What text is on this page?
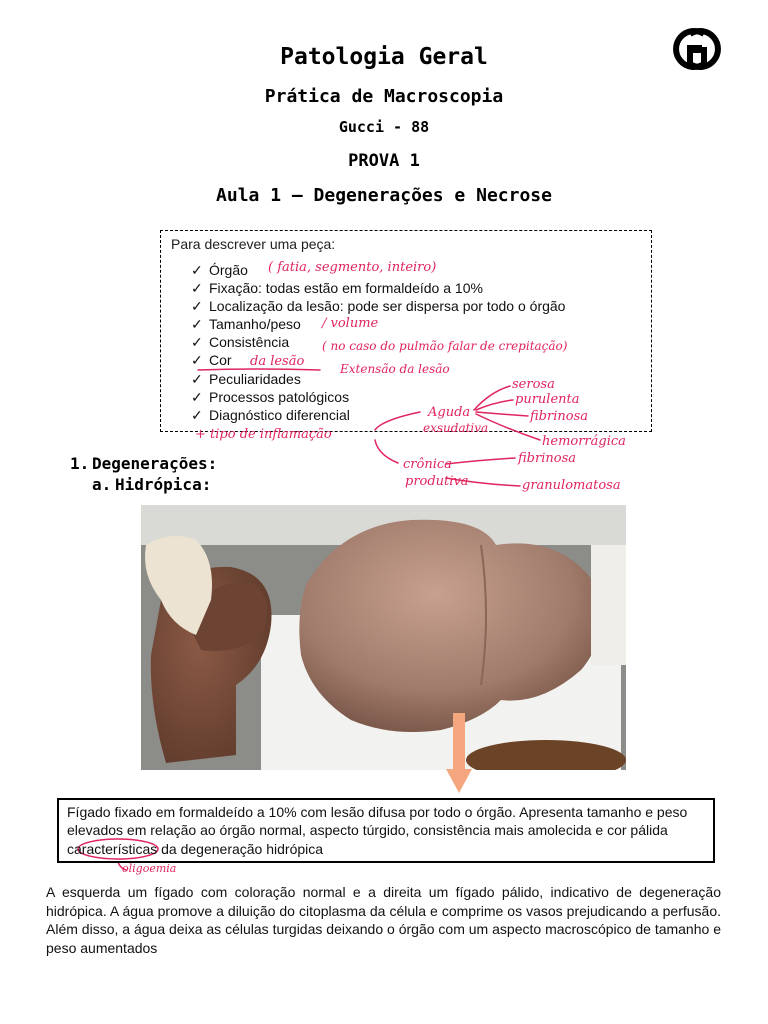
Patologia Geral
Prática de Macroscopia
Gucci - 88
PROVA 1
Aula 1 – Degenerações e Necrose
Para descrever uma peça:
✓ Órgão
✓ Fixação: todas estão em formaldeído a 10%
✓ Localização da lesão: pode ser dispersa por todo o órgão
✓ Tamanho/peso
✓ Consistência
✓ Cor
✓ Peculiaridades
✓ Processos patológicos
✓ Diagnóstico diferencial
( fatia, segmento, inteiro)
/ volume
( no caso do pulmão falar de crepitação)
da lesão	Extensão da lesão
+ tipo de inflamação
Aguda
exsudativa
serosa
purulenta
fibrinosa
hemorrágica
crônica
produtiva
fibrinosa
granulomatosa
oligoemia
1. Degenerações:
a. Hidrópica:
Fígado fixado em formaldeído a 10% com lesão difusa por todo o órgão. Apresenta tamanho e peso elevados em relação ao órgão normal, aspecto túrgido, consistência mais amolecida e cor pálida características da degeneração hidrópica
A esquerda um fígado com coloração normal e a direita um fígado pálido, indicativo de degeneração hidrópica. A água promove a diluição do citoplasma da célula e comprime os vasos prejudicando a perfusão. Além disso, a água deixa as células turgidas deixando o órgão com um aspecto macroscópico de tamanho e peso aumentados
